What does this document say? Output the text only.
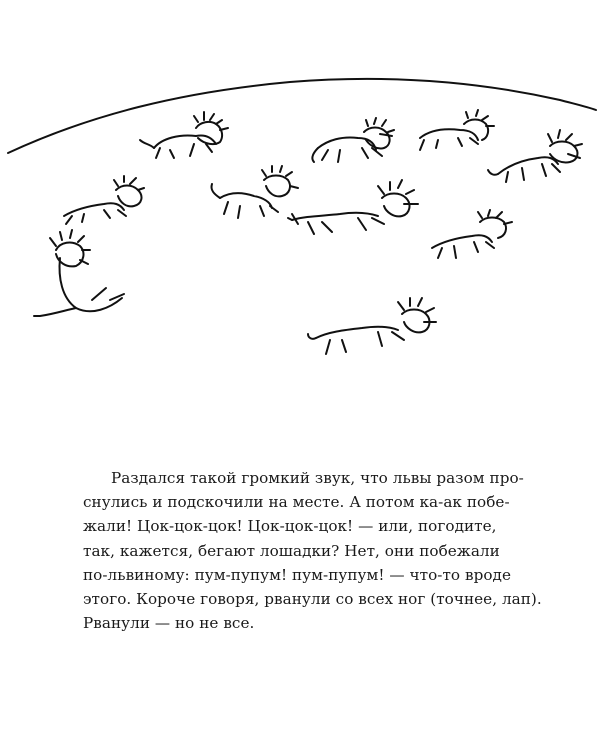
Раздался такой громкий звук, что львы разом про-
снулись и подскочили на месте. А потом ка-ак побе-
жали! Цок-цок-цок! Цок-цок-цок! — или, погодите,
так, кажется, бегают лошадки? Нет, они побежали
по-львиному: пум-пупум! пум-пупум! — что-то вроде
этого. Короче говоря, рванули со всех ног (точнее, лап).
Рванули — но не все.
